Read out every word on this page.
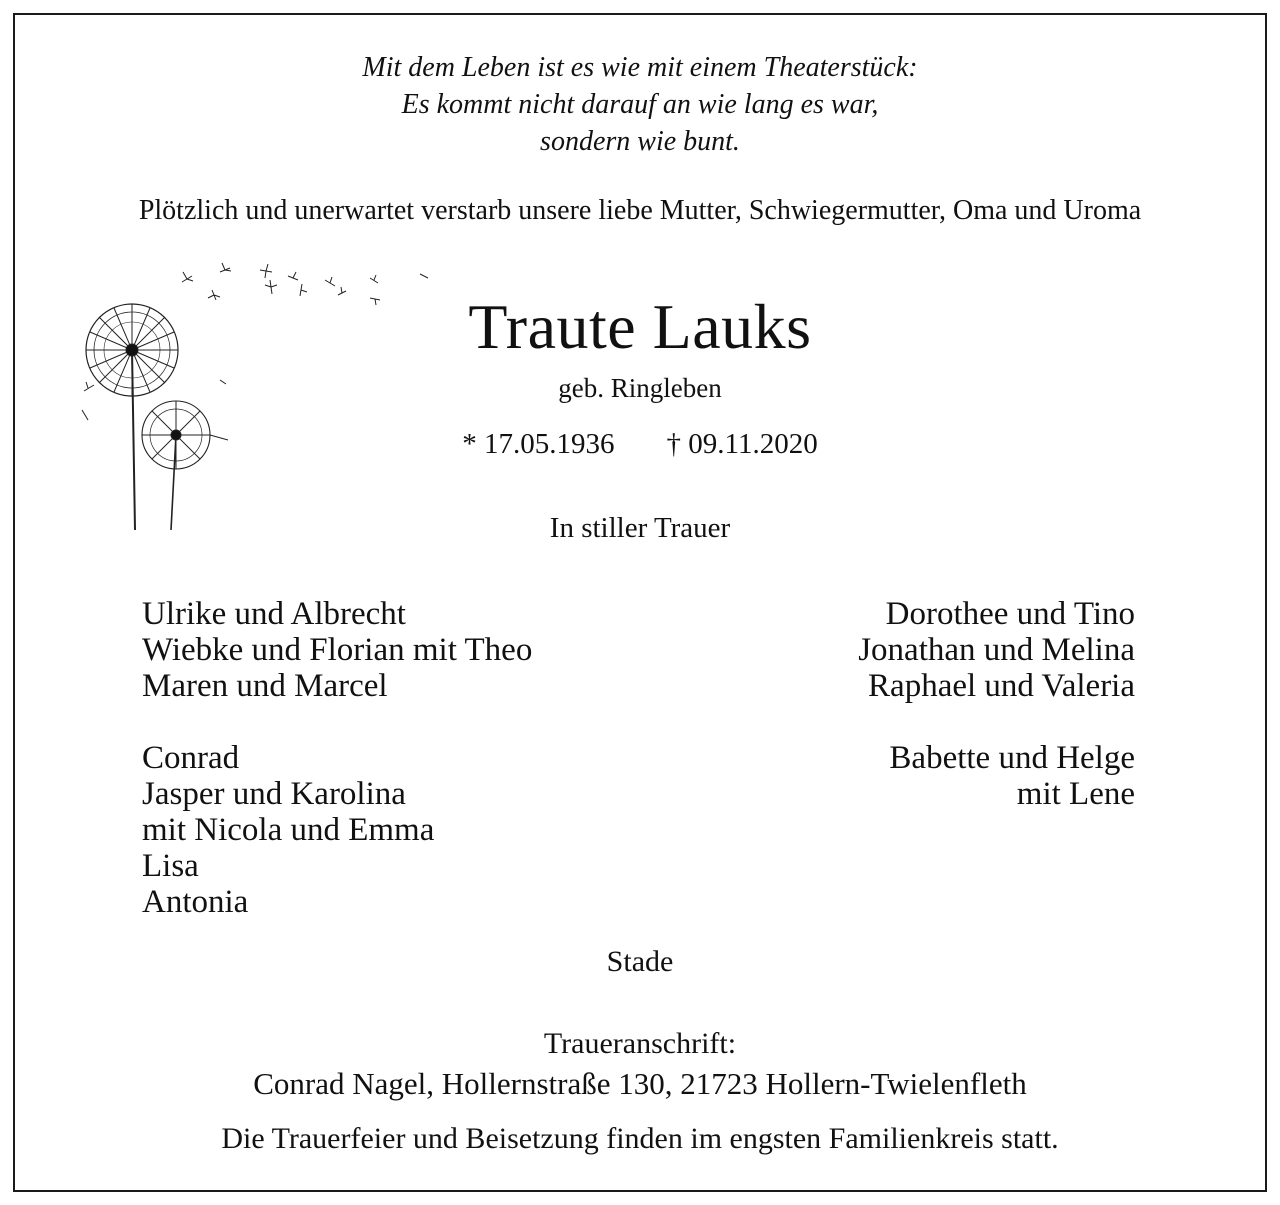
Mit dem Leben ist es wie mit einem Theaterstück:
Es kommt nicht darauf an wie lang es war,
sondern wie bunt.
Plötzlich und unerwartet verstarb unsere liebe Mutter, Schwiegermutter, Oma und Uroma
Traute Lauks
geb. Ringleben
* 17.05.1936 † 09.11.2020
In stiller Trauer
Ulrike und Albrecht
Wiebke und Florian mit Theo
Maren und Marcel
Conrad
Jasper und Karolina
mit Nicola und Emma
Lisa
Antonia
Dorothee und Tino
Jonathan und Melina
Raphael und Valeria
Babette und Helge
mit Lene
Stade
Traueranschrift:
Conrad Nagel, Hollernstraße 130, 21723 Hollern-Twielenfleth
Die Trauerfeier und Beisetzung finden im engsten Familienkreis statt.
